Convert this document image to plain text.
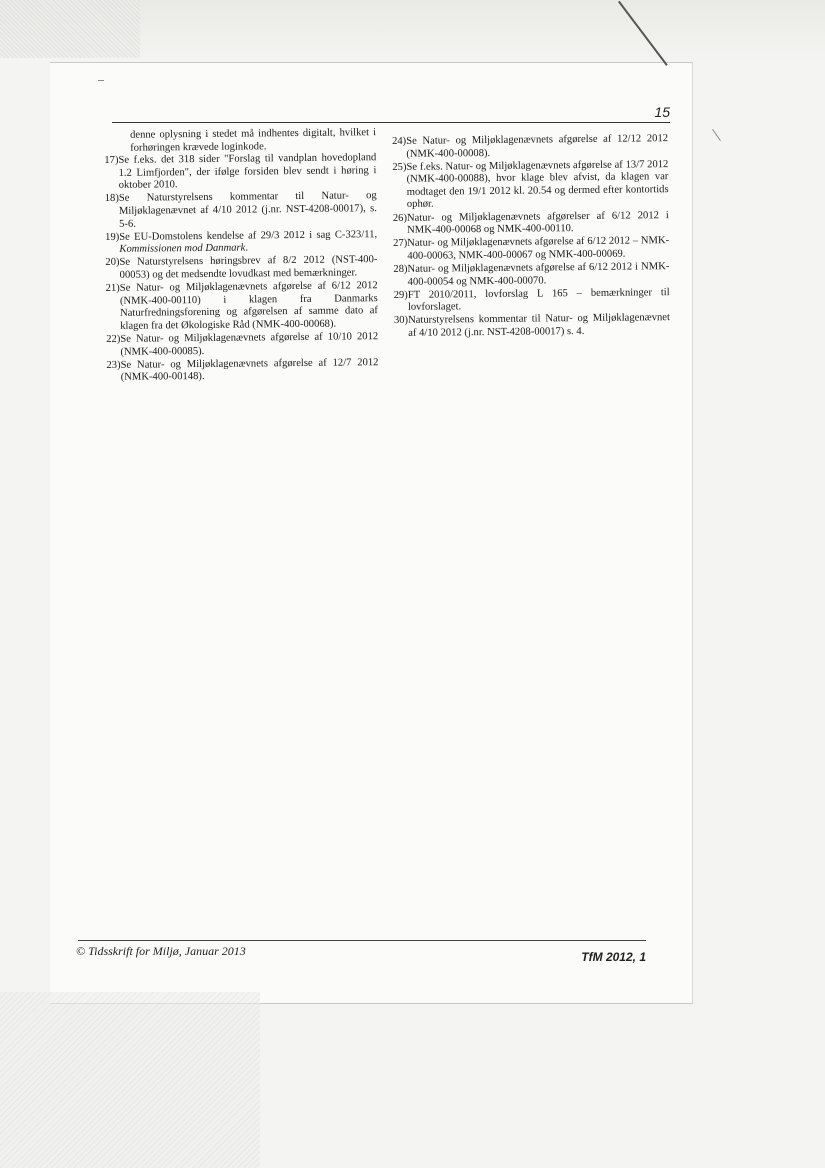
15
denne oplysning i stedet må indhentes digitalt, hvilket i forhøringen krævede loginkode.
17) Se f.eks. det 318 sider "Forslag til vandplan hovedopland 1.2 Limfjorden", der ifølge forsiden blev sendt i høring i oktober 2010.
18) Se Naturstyrelsens kommentar til Natur- og Miljøklagenævnet af 4/10 2012 (j.nr. NST-4208-00017), s. 5-6.
19) Se EU-Domstolens kendelse af 29/3 2012 i sag C-323/11, Kommissionen mod Danmark.
20) Se Naturstyrelsens høringsbrev af 8/2 2012 (NST-400-00053) og det medsendte lovudkast med bemærkninger.
21) Se Natur- og Miljøklagenævnets afgørelse af 6/12 2012 (NMK-400-00110) i klagen fra Danmarks Naturfredningsforening og afgørelsen af samme dato af klagen fra det Økologiske Råd (NMK-400-00068).
22) Se Natur- og Miljøklagenævnets afgørelse af 10/10 2012 (NMK-400-00085).
23) Se Natur- og Miljøklagenævnets afgørelse af 12/7 2012 (NMK-400-00148).
24) Se Natur- og Miljøklagenævnets afgørelse af 12/12 2012 (NMK-400-00008).
25) Se f.eks. Natur- og Miljøklagenævnets afgørelse af 13/7 2012 (NMK-400-00088), hvor klage blev afvist, da klagen var modtaget den 19/1 2012 kl. 20.54 og dermed efter kontortids ophør.
26) Natur- og Miljøklagenævnets afgørelser af 6/12 2012 i NMK-400-00068 og NMK-400-00110.
27) Natur- og Miljøklagenævnets afgørelse af 6/12 2012 – NMK-400-00063, NMK-400-00067 og NMK-400-00069.
28) Natur- og Miljøklagenævnets afgørelse af 6/12 2012 i NMK-400-00054 og NMK-400-00070.
29) FT 2010/2011, lovforslag L 165 – bemærkninger til lovforslaget.
30) Naturstyrelsens kommentar til Natur- og Miljøklagenævnet af 4/10 2012 (j.nr. NST-4208-00017) s. 4.
© Tidsskrift for Miljø, Januar 2013	TfM 2012, 1
